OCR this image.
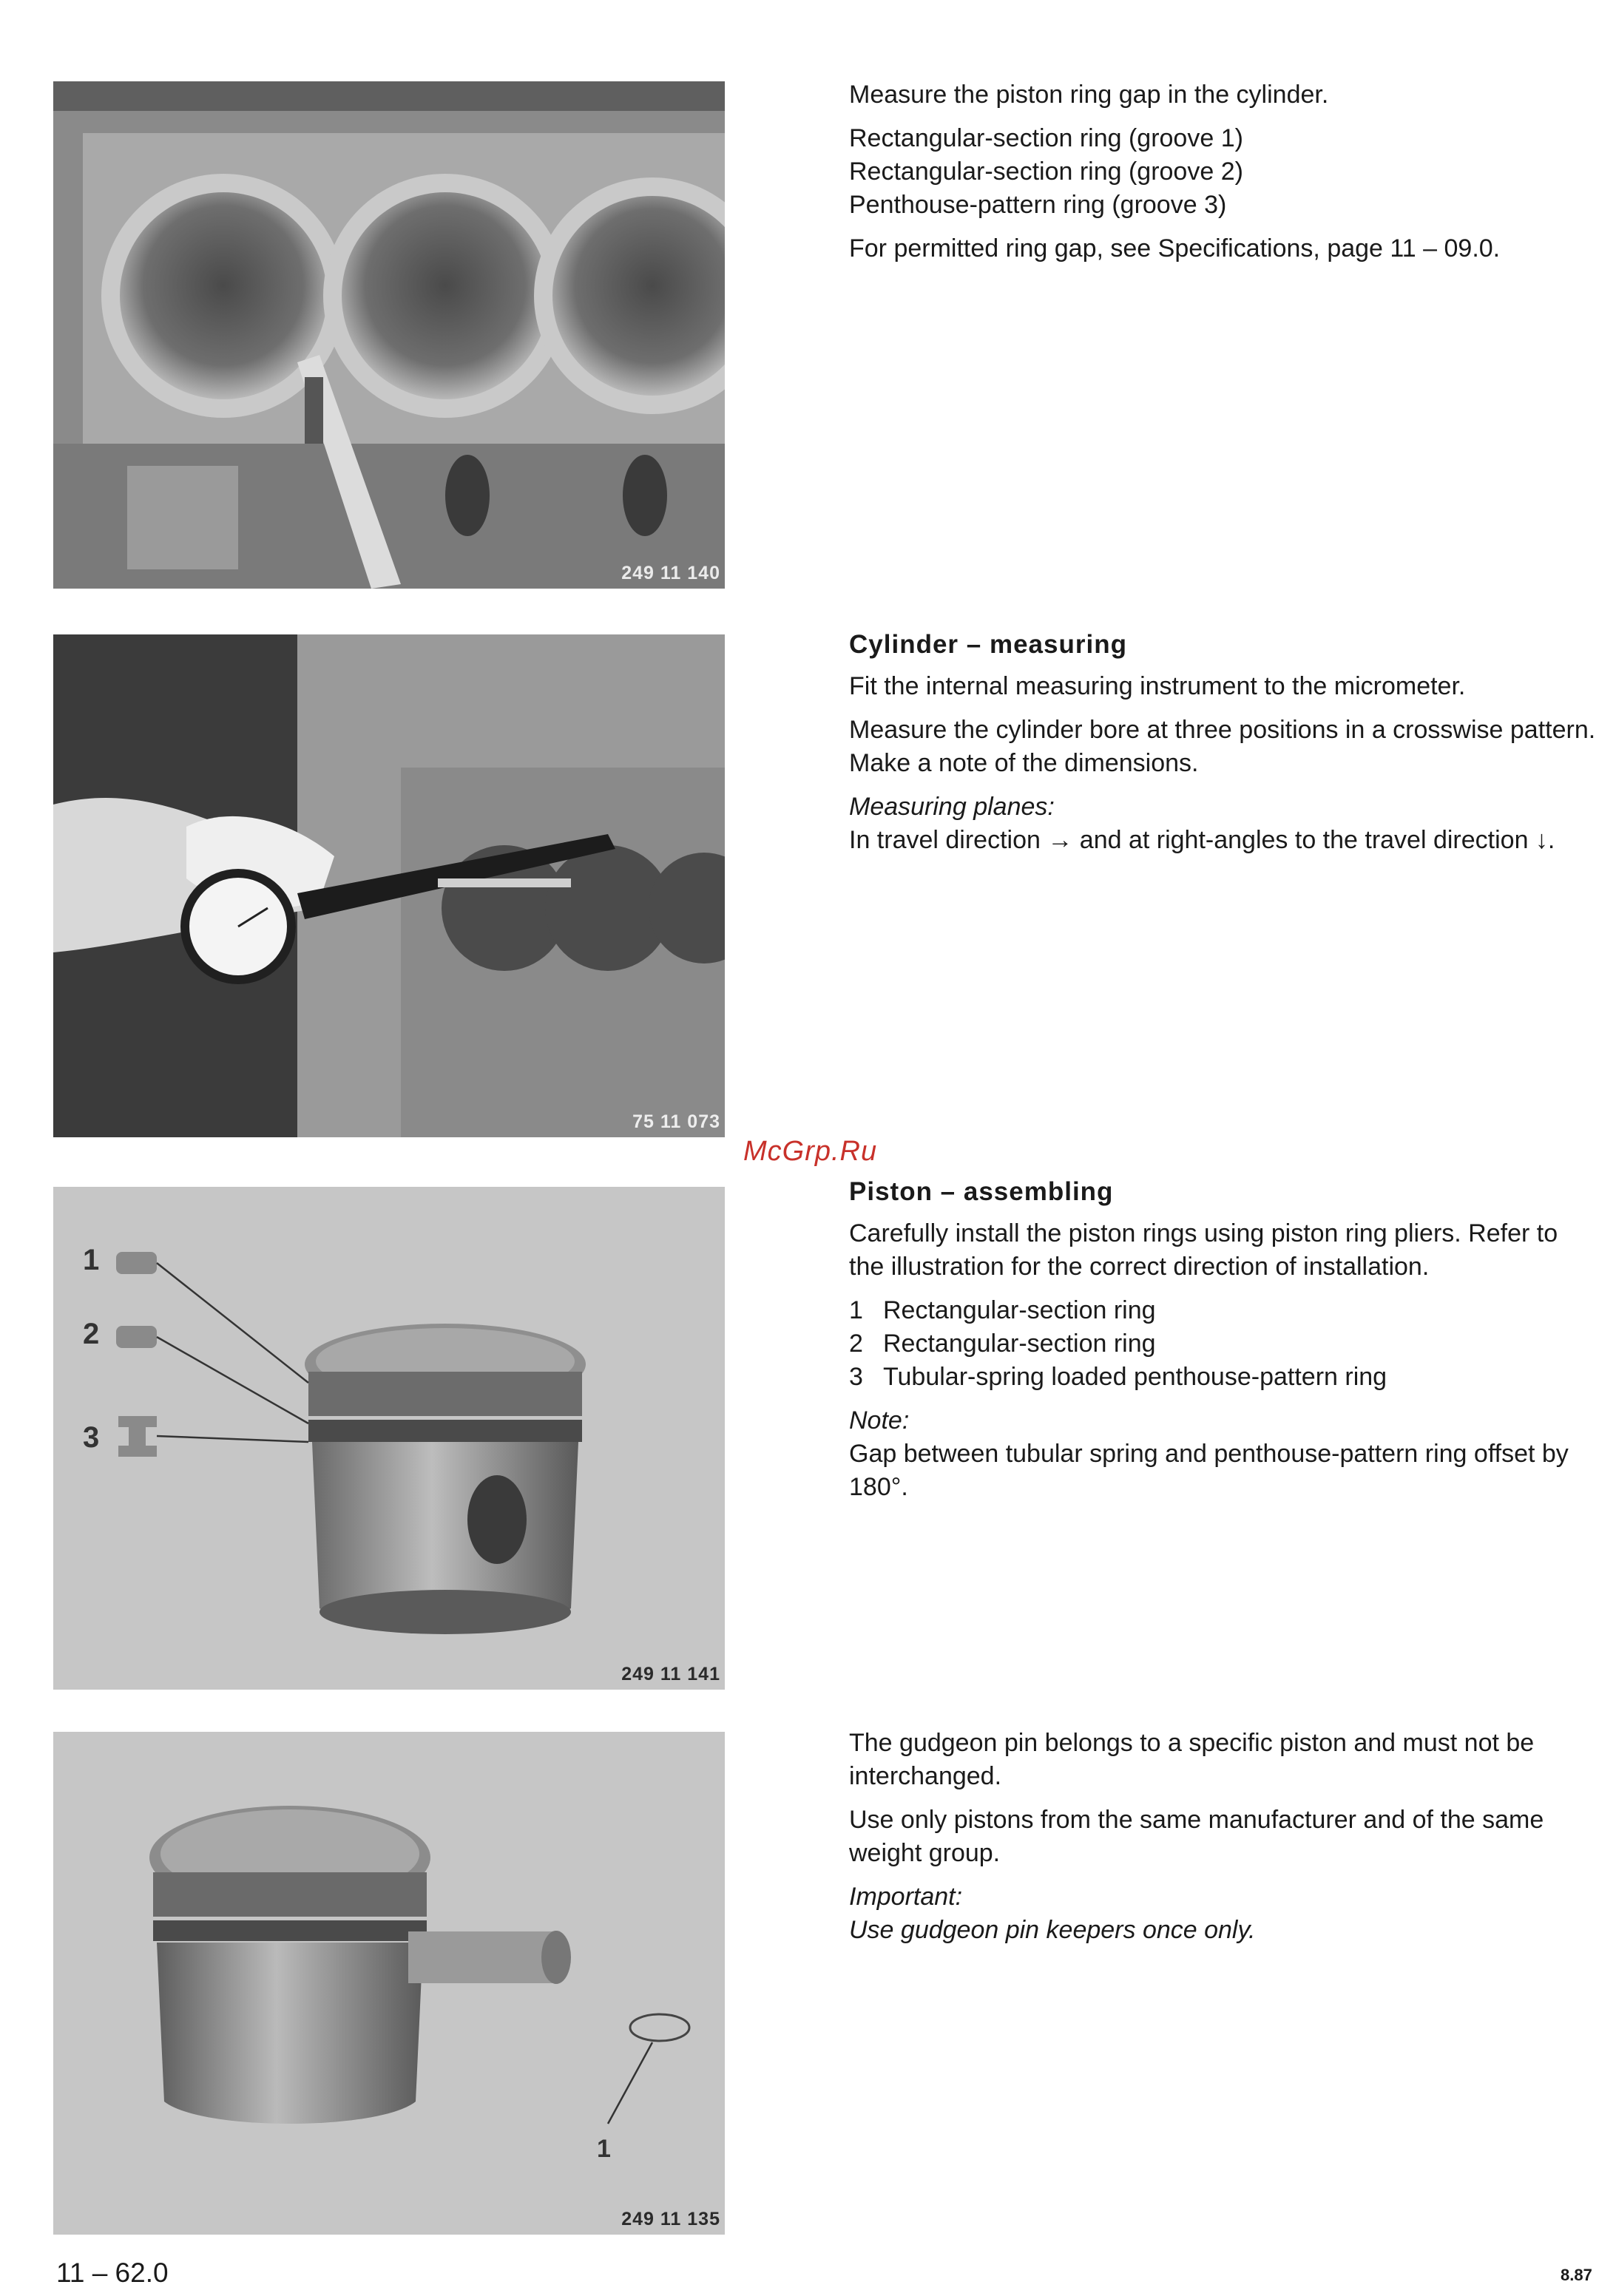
249 11 140
75 11 073
1
2
3
249 11 141
1
249 11 135

Measure the piston ring gap in the cylinder.

Rectangular-section ring (groove 1)
Rectangular-section ring (groove 2)
Penthouse-pattern ring (groove 3)

For permitted ring gap, see Specifications, page 11 – 09.0.

Cylinder – measuring

Fit the internal measuring instrument to the micrometer.

Measure the cylinder bore at three positions in a crosswise pattern. Make a note of the dimensions.

Measuring planes:

In travel direction → and at right-angles to the travel direction ↓.

Piston – assembling

Carefully install the piston rings using piston ring pliers. Refer to the illustration for the correct direction of installation.

1 Rectangular-section ring
2 Rectangular-section ring
3 Tubular-spring loaded penthouse-pattern ring

Note:

Gap between tubular spring and penthouse-pattern ring offset by 180°.

The gudgeon pin belongs to a specific piston and must not be interchanged.

Use only pistons from the same manufacturer and of the same weight group.

Important:

Use gudgeon pin keepers once only.

McGrp.Ru
11 – 62.0	8.87
